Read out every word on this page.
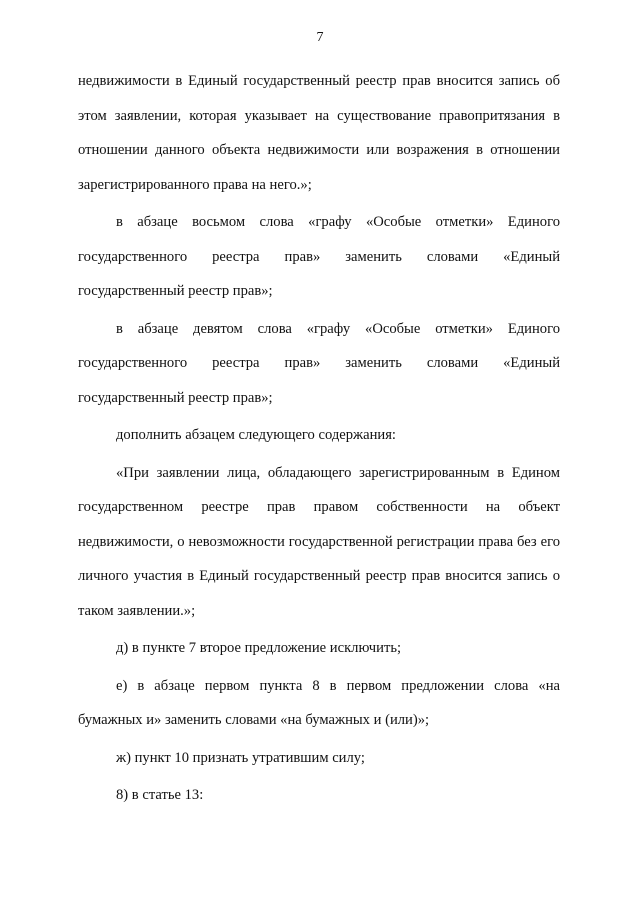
7

недвижимости в Единый государственный реестр прав вносится запись об этом заявлении, которая указывает на существование правопритязания в отношении данного объекта недвижимости или возражения в отношении зарегистрированного права на него.»;

в абзаце восьмом слова «графу «Особые отметки» Единого государственного реестра прав» заменить словами «Единый государственный реестр прав»;

в абзаце девятом слова «графу «Особые отметки» Единого государственного реестра прав» заменить словами «Единый государственный реестр прав»;

дополнить абзацем следующего содержания:

«При заявлении лица, обладающего зарегистрированным в Едином государственном реестре прав правом собственности на объект недвижимости, о невозможности государственной регистрации права без его личного участия в Единый государственный реестр прав вносится запись о таком заявлении.»;

д) в пункте 7 второе предложение исключить;

е) в абзаце первом пункта 8 в первом предложении слова «на бумажных и» заменить словами «на бумажных и (или)»;

ж) пункт 10 признать утратившим силу;

8) в статье 13:
